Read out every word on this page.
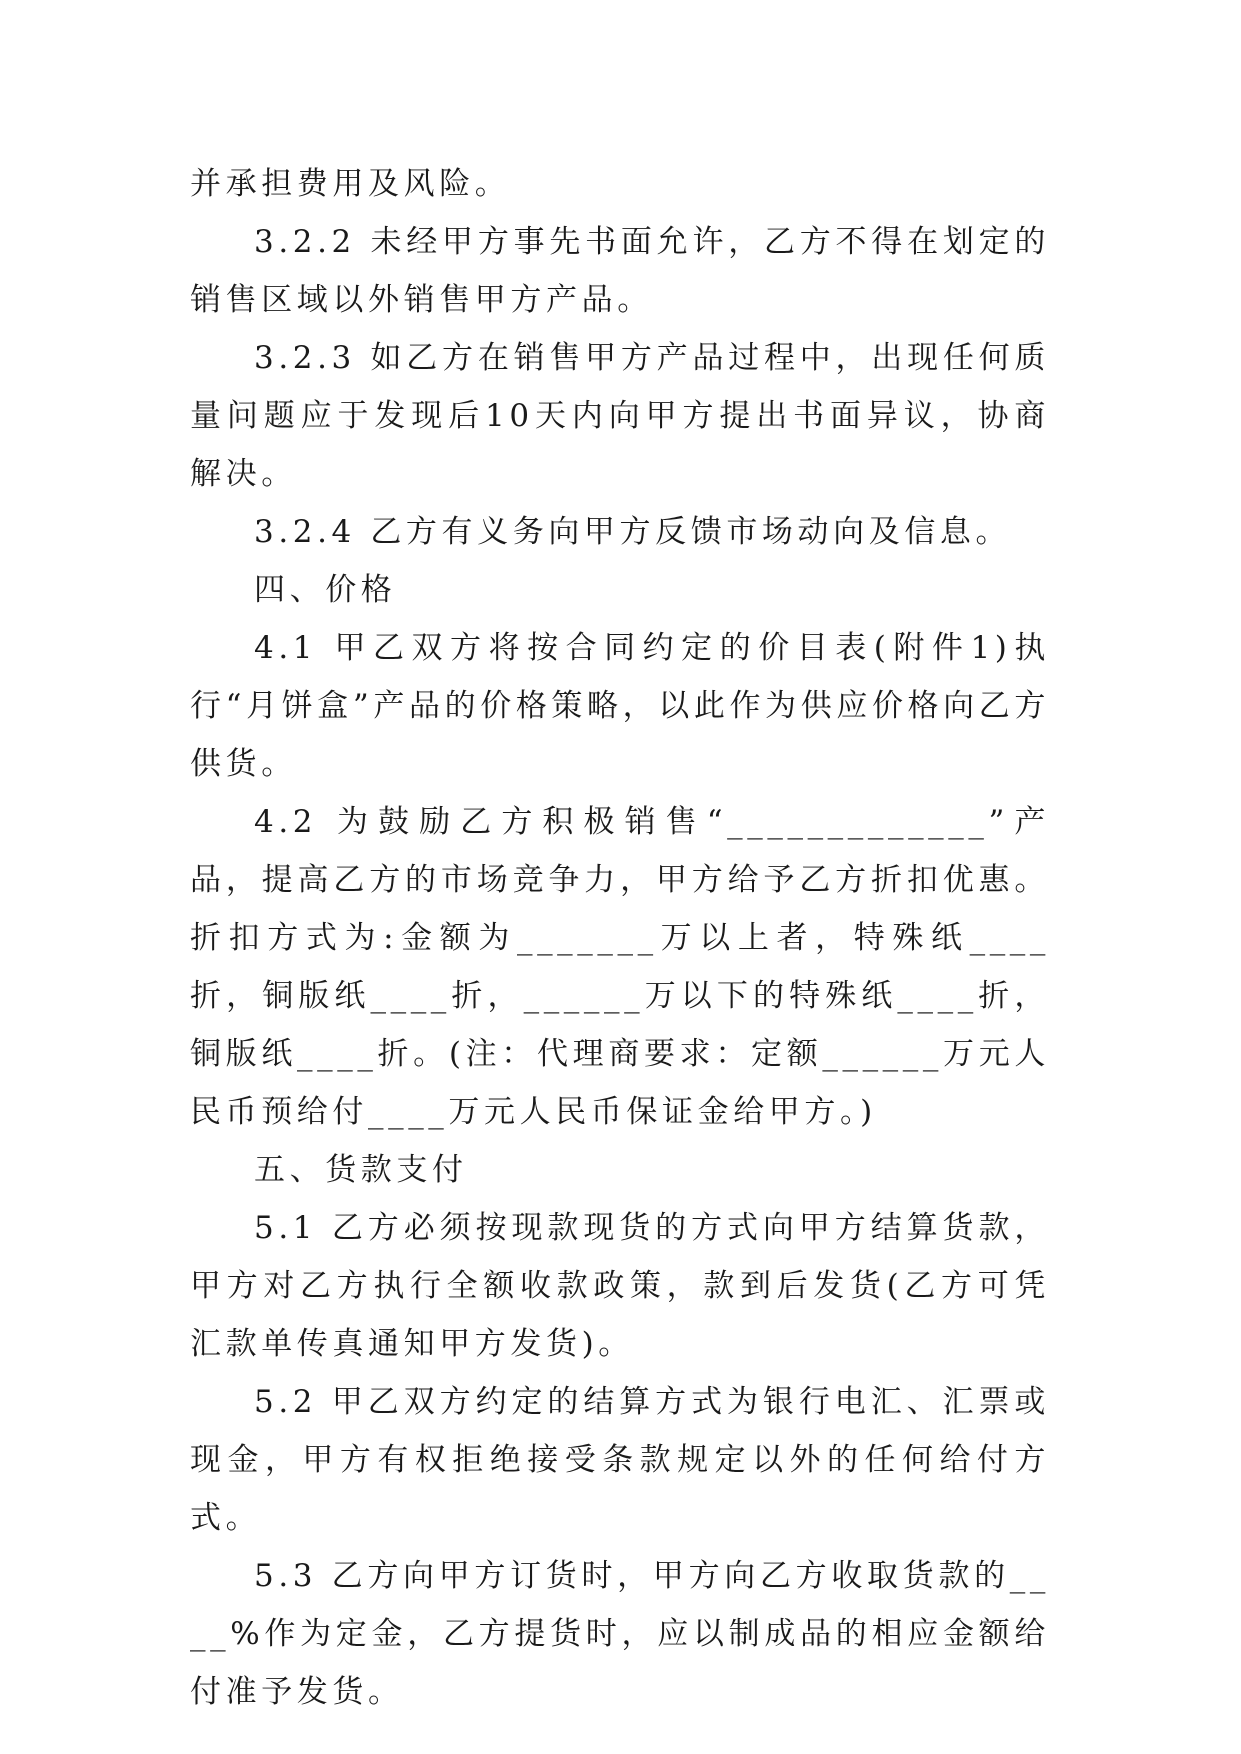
并承担费用及风险。

3.2.2 未经甲方事先书面允许，乙方不得在划定的销售区域以外销售甲方产品。

3.2.3 如乙方在销售甲方产品过程中，出现任何质量问题应于发现后10天内向甲方提出书面异议，协商解决。

3.2.4 乙方有义务向甲方反馈市场动向及信息。

四、价格

4.1 甲乙双方将按合同约定的价目表(附件1)执行“月饼盒”产品的价格策略，以此作为供应价格向乙方供货。

4.2 为鼓励乙方积极销售“_____________”产品，提高乙方的市场竞争力，甲方给予乙方折扣优惠。折扣方式为:金额为_______万以上者，特殊纸____折，铜版纸____折，______万以下的特殊纸____折，铜版纸____折。(注：代理商要求：定额______万元人民币预给付____万元人民币保证金给甲方。)

五、货款支付

5.1 乙方必须按现款现货的方式向甲方结算货款，甲方对乙方执行全额收款政策，款到后发货(乙方可凭汇款单传真通知甲方发货)。

5.2 甲乙双方约定的结算方式为银行电汇、汇票或现金，甲方有权拒绝接受条款规定以外的任何给付方式。

5.3 乙方向甲方订货时，甲方向乙方收取货款的____%作为定金，乙方提货时，应以制成品的相应金额给付准予发货。
